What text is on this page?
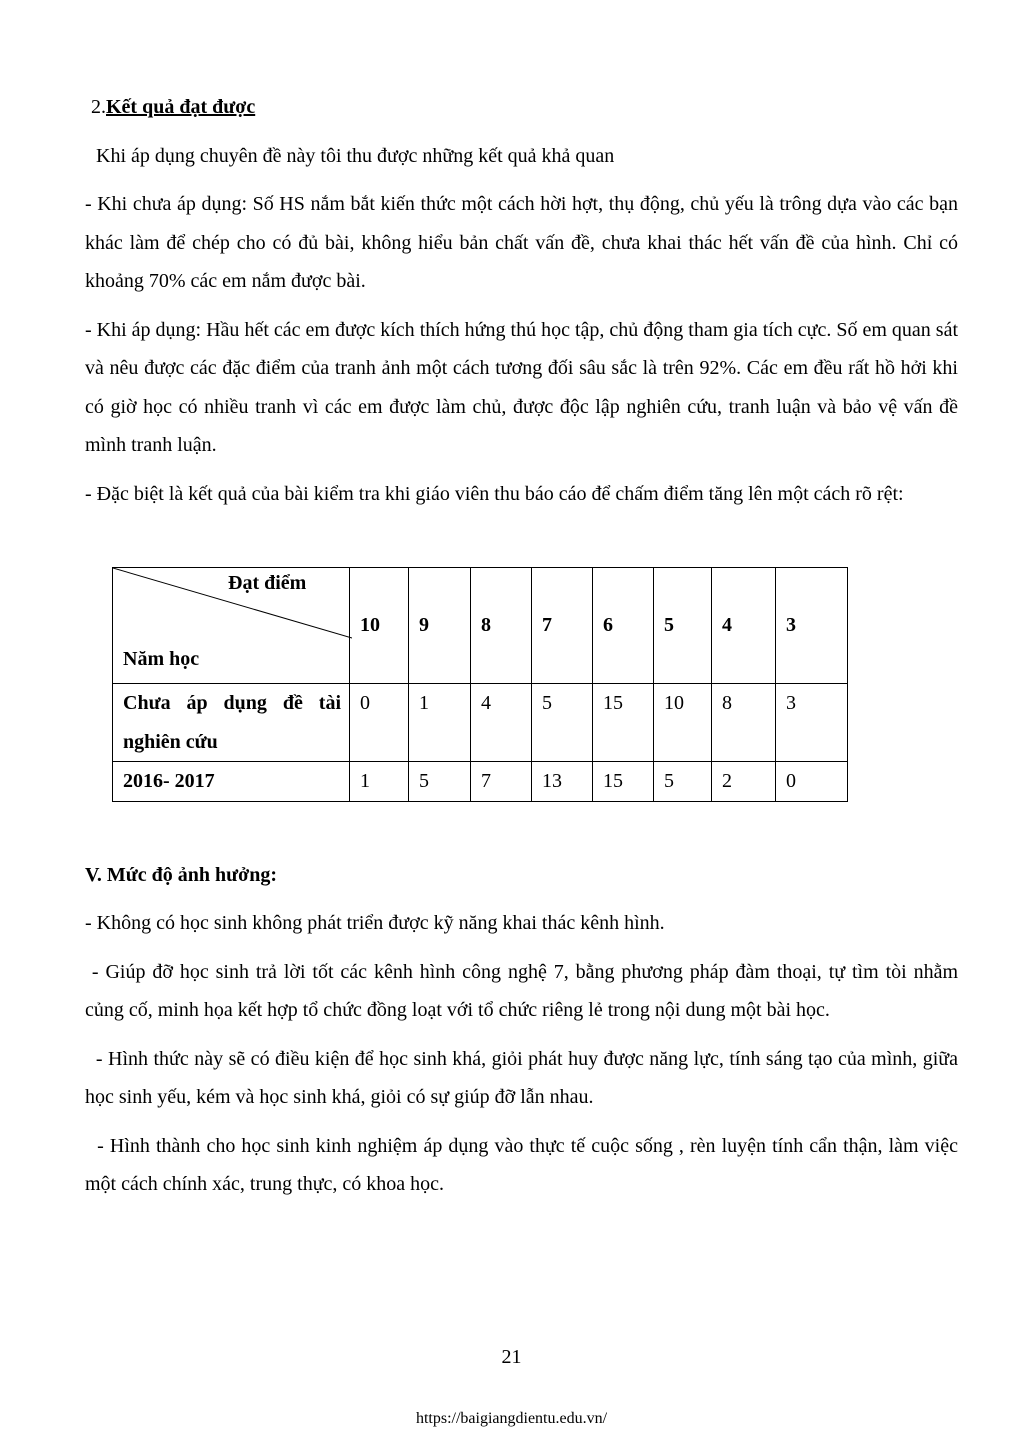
2.Kết quả đạt được

Khi áp dụng chuyên đề này tôi thu được những kết quả khả quan

- Khi chưa áp dụng: Số HS nắm bắt kiến thức một cách hời hợt, thụ động, chủ yếu là trông dựa vào các bạn khác làm để chép cho có đủ bài, không hiểu bản chất vấn đề, chưa khai thác hết vấn đề của hình. Chỉ có khoảng 70% các em nắm được bài.

- Khi áp dụng: Hầu hết các em được kích thích hứng thú học tập, chủ động tham gia tích cực. Số em quan sát và nêu được các đặc điểm của tranh ảnh một cách tương đối sâu sắc là trên 92%. Các em đều rất hồ hởi khi có giờ học có nhiều tranh vì các em được làm chủ, được độc lập nghiên cứu, tranh luận và bảo vệ vấn đề mình tranh luận.

- Đặc biệt là kết quả của bài kiểm tra khi giáo viên thu báo cáo để chấm điểm tăng lên một cách rõ rệt:

Đạt điểm
Năm học	10	9	8	7	6	5	4	3
Chưa áp dụng đề tài nghiên cứu	0	1	4	5	15	10	8	3
2016- 2017	1	5	7	13	15	5	2	0

V. Mức độ ảnh hưởng:

- Không có học sinh không phát triển được kỹ năng khai thác kênh hình.

- Giúp đỡ học sinh trả lời tốt các kênh hình công nghệ 7, bằng phương pháp đàm thoại, tự tìm tòi nhằm củng cố, minh họa kết hợp tổ chức đồng loạt với tổ chức riêng lẻ trong nội dung một bài học.

- Hình thức này sẽ có điều kiện để học sinh khá, giỏi phát huy được năng lực, tính sáng tạo của mình, giữa học sinh yếu, kém và học sinh khá, giỏi có sự giúp đỡ lẫn nhau.

- Hình thành cho học sinh kinh nghiệm áp dụng vào thực tế cuộc sống , rèn luyện tính cẩn thận, làm việc một cách chính xác, trung thực, có khoa học.

21
https://baigiangdientu.edu.vn/
